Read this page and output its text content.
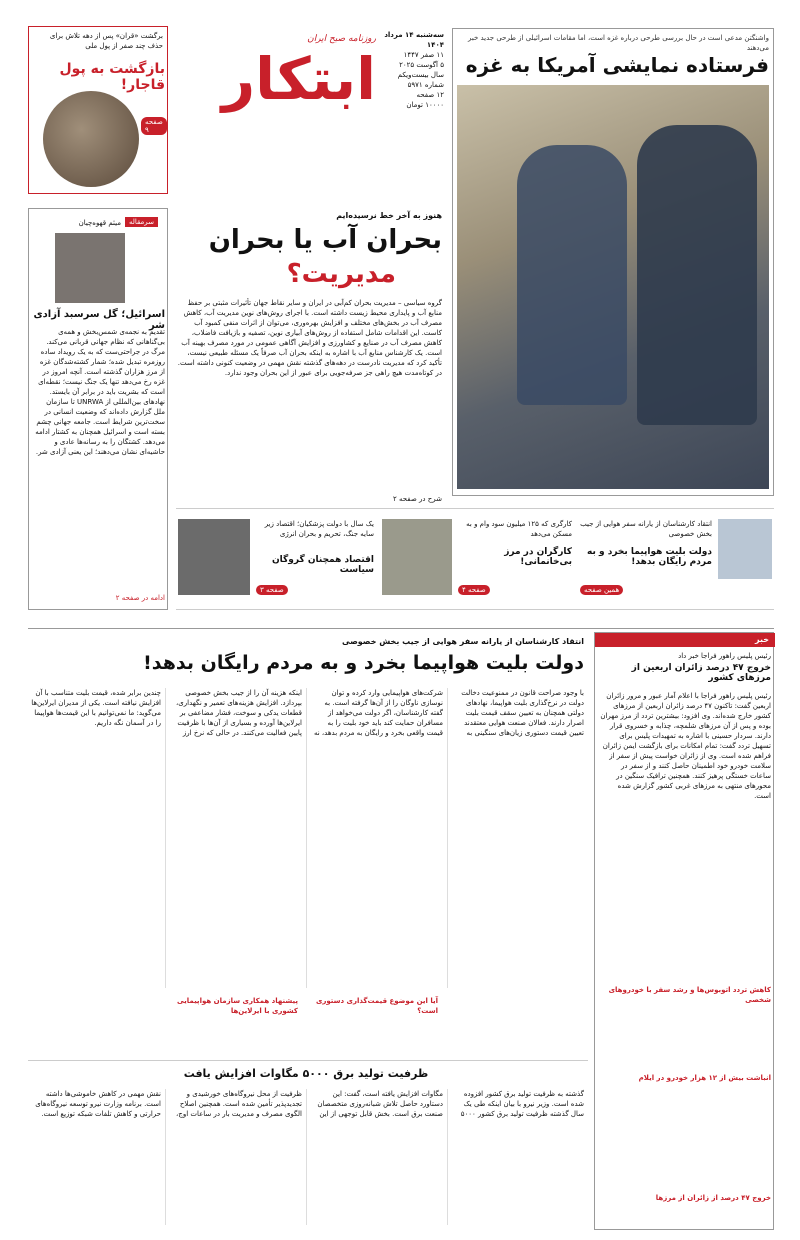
برگشت «قران» پس از دهه تلاش برای حذف چند صفر از پول ملی
بازگشت به پول قاجار!
صفحه ۹
ابتکار
روزنامه صبح ایران	سه‌شنبه ۱۴ مرداد ۱۴۰۴
۱۱ صفر ۱۴۴۷
۵ آگوست ۲۰۲۵
سال بیست‌ویکم
شماره ۵۹۷۱
۱۲ صفحه
۱۰۰۰۰ تومان
واشنگتن مدعی است در حال بررسی طرحی درباره غزه است، اما مقامات اسرائیلی از طرحی جدید خبر می‌دهند
فرستاده نمایشی آمریکا به غزه
سرمقاله
میثم قهوه‌چیان
اسرائیل؛ گل سرسبد آزادی شر
تقدیم به نجمه‌ی شمس‌بخش و همه‌ی بی‌گناهانی که نظام جهانی قربانی می‌کند. مرگ در جراحتی‌ست که به یک رویداد ساده روزمره تبدیل شده؛ شمار کشته‌شدگان غزه از مرز هزاران گذشته است. آنچه امروز در غزه رخ می‌دهد تنها یک جنگ نیست؛ نقطه‌ای است که بشریت باید در برابر آن بایستد. نهادهای بین‌المللی از UNRWA تا سازمان ملل گزارش داده‌اند که وضعیت انسانی در سخت‌ترین شرایط است. جامعه جهانی چشم بسته است و اسرائیل همچنان به کشتار ادامه می‌دهد. کشتگان را به رسانه‌ها عادی و حاشیه‌ای نشان می‌دهند؛ این یعنی آزادی شر.
ادامه در صفحه ۲
هنوز به آخر خط نرسیده‌ایم
بحران آب یا بحران
مدیریت؟
گروه سیاسی – مدیریت بحران کم‌آبی در ایران و سایر نقاط جهان تأثیرات مثبتی بر حفظ منابع آب و پایداری محیط زیست داشته است. با اجرای روش‌های نوین مدیریت آب، کاهش مصرف آب در بخش‌های مختلف و افزایش بهره‌وری، می‌توان از اثرات منفی کمبود آب کاست. این اقدامات شامل استفاده از روش‌های آبیاری نوین، تصفیه و بازیافت فاضلاب، کاهش مصرف آب در صنایع و کشاورزی و افزایش آگاهی عمومی در مورد مصرف بهینه آب است. یک کارشناس منابع آب با اشاره به اینکه بحران آب صرفاً یک مسئله طبیعی نیست، تأکید کرد که مدیریت نادرست در دهه‌های گذشته نقش مهمی در وضعیت کنونی داشته است. در کوتاه‌مدت هیچ راهی جز صرفه‌جویی برای عبور از این بحران وجود ندارد.
شرح در صفحه ۲
انتقاد کارشناسان از یارانه سفر هوایی از جیب بخش خصوصی
دولت بلیت هواپیما بخرد و به مردم رایگان بدهد!
همین صفحه
کارگری که ۱۲۵ میلیون سود وام و به مسکن می‌دهد
کارگران در مرز بی‌خانمانی!
صفحه ۴
یک سال با دولت پزشکیان؛ اقتصاد زیر سایه جنگ، تحریم و بحران انرژی
اقتصاد همچنان گروگان سیاست
صفحه ۳
انتقاد کارشناسان از یارانه سفر هوایی از جیب بخش خصوصی
دولت بلیت هواپیما بخرد و به مردم رایگان بدهد!
با وجود صراحت قانون در ممنوعیت دخالت دولت در نرخ‌گذاری بلیت هواپیما، نهادهای دولتی همچنان به تعیین سقف قیمت بلیت اصرار دارند. فعالان صنعت هوایی معتقدند تعیین قیمت دستوری زیان‌های سنگینی به شرکت‌های هواپیمایی وارد کرده و توان نوسازی ناوگان را از آن‌ها گرفته است. به گفته کارشناسان، اگر دولت می‌خواهد از مسافران حمایت کند باید خود بلیت را به قیمت واقعی بخرد و رایگان به مردم بدهد، نه اینکه هزینه آن را از جیب بخش خصوصی بپردازد. افزایش هزینه‌های تعمیر و نگهداری، قطعات یدکی و سوخت، فشار مضاعفی بر ایرلاین‌ها آورده و بسیاری از آن‌ها با ظرفیت پایین فعالیت می‌کنند. در حالی که نرخ ارز چندین برابر شده، قیمت بلیت متناسب با آن افزایش نیافته است. یکی از مدیران ایرلاین‌ها می‌گوید: ما نمی‌توانیم با این قیمت‌ها هواپیما را در آسمان نگه داریم.
پیشنهاد همکاری سازمان هواپیمایی کشوری با ایرلاین‌ها
آیا این موضوع قیمت‌گذاری دستوری است؟
ظرفیت تولید برق ۵۰۰۰ مگاوات افزایش یافت
گذشته به ظرفیت تولید برق کشور افزوده شده است. وزیر نیرو با بیان اینکه طی یک سال گذشته ظرفیت تولید برق کشور ۵۰۰۰ مگاوات افزایش یافته است، گفت: این دستاورد حاصل تلاش شبانه‌روزی متخصصان صنعت برق است. بخش قابل توجهی از این ظرفیت از محل نیروگاه‌های خورشیدی و تجدیدپذیر تأمین شده است. همچنین اصلاح الگوی مصرف و مدیریت بار در ساعات اوج، نقش مهمی در کاهش خاموشی‌ها داشته است. برنامه وزارت نیرو توسعه نیروگاه‌های حرارتی و کاهش تلفات شبکه توزیع است.
خبر
رئیس پلیس راهور فراجا خبر داد
خروج ۴۷ درصد زائران اربعین از مرزهای کشور
رئیس پلیس راهور فراجا با اعلام آمار عبور و مرور زائران اربعین گفت: تاکنون ۴۷ درصد زائران اربعین از مرزهای کشور خارج شده‌اند. وی افزود: بیشترین تردد از مرز مهران بوده و پس از آن مرزهای شلمچه، چذابه و خسروی قرار دارند. سردار حسینی با اشاره به تمهیدات پلیس برای تسهیل تردد گفت: تمام امکانات برای بازگشت ایمن زائران فراهم شده است. وی از زائران خواست پیش از سفر از سلامت خودرو خود اطمینان حاصل کنند و از سفر در ساعات خستگی پرهیز کنند. همچنین ترافیک سنگین در محورهای منتهی به مرزهای غربی کشور گزارش شده است.
کاهش تردد اتوبوس‌ها و رشد سفر با خودروهای شخصی
انباشت بیش از ۱۲ هزار خودرو در ایلام
خروج ۴۷ درصد از زائران از مرزها
